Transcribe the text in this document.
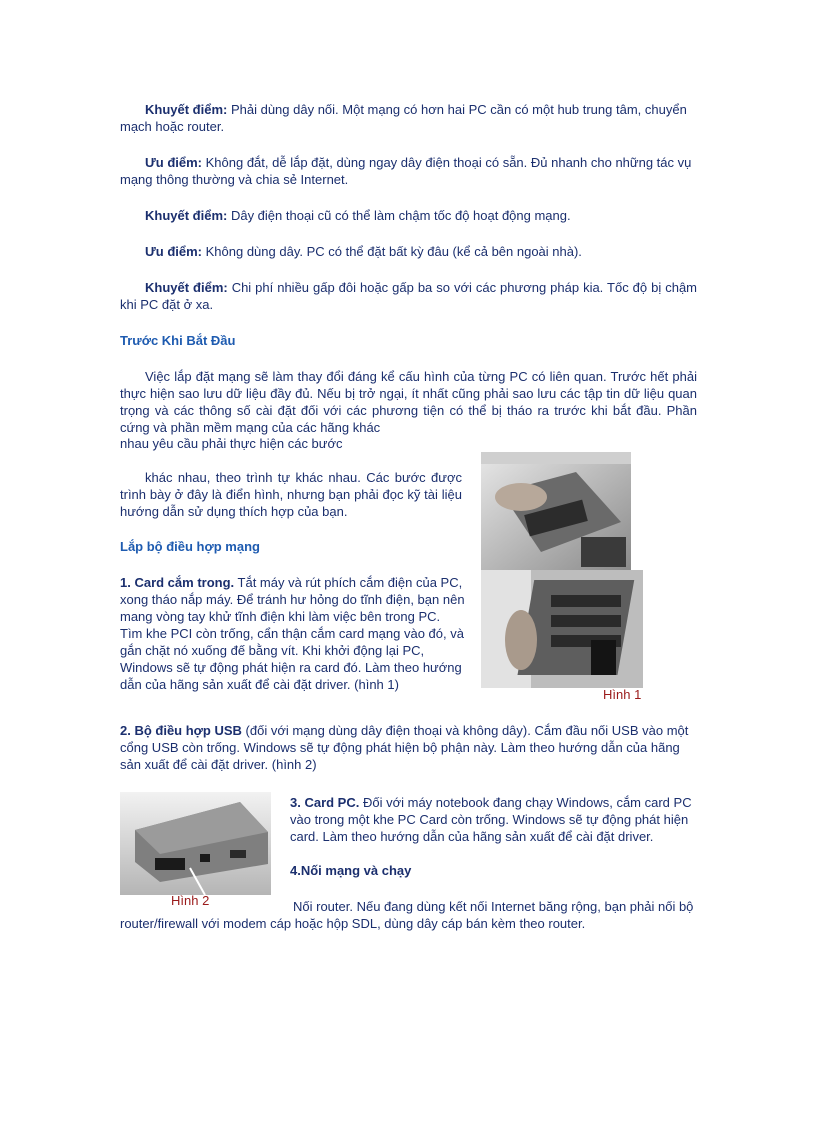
Khuyết điểm: Phải dùng dây nối. Một mạng có hơn hai PC cần có một hub trung tâm, chuyển mạch hoặc router.

Ưu điểm: Không đắt, dễ lắp đặt, dùng ngay dây điện thoại có sẵn. Đủ nhanh cho những tác vụ mạng thông thường và chia sẻ Internet.

Khuyết điểm: Dây điện thoại cũ có thể làm chậm tốc độ hoạt động mạng.

Ưu điểm: Không dùng dây. PC có thể đặt bất kỳ đâu (kể cả bên ngoài nhà).

Khuyết điểm: Chi phí nhiều gấp đôi hoặc gấp ba so với các phương pháp kia. Tốc độ bị chậm khi PC đặt ở xa.

Trước Khi Bắt Đầu

Việc lắp đặt mạng sẽ làm thay đổi đáng kể cấu hình của từng PC có liên quan. Trước hết phải thực hiện sao lưu dữ liệu đầy đủ. Nếu bị trở ngại, ít nhất cũng phải sao lưu các tập tin dữ liệu quan trọng và các thông số cài đặt đối với các phương tiện có thể bị tháo ra trước khi bắt đầu. Phần cứng và phần mềm mạng của các hãng khác

nhau yêu cầu phải thực hiện các bước

khác nhau, theo trình tự khác nhau. Các bước được trình bày ở đây là điển hình, nhưng bạn phải đọc kỹ tài liệu hướng dẫn sử dụng thích hợp của bạn.

Lắp bộ điều hợp mạng

1. Card cắm trong. Tắt máy và rút phích cắm điện của PC, xong tháo nắp máy. Để tránh hư hỏng do tĩnh điện, bạn nên mang vòng tay khử tĩnh điện khi làm việc bên trong PC. Tìm khe PCI còn trống, cẩn thận cắm card mạng vào đó, và gắn chặt nó xuống đế bằng vít. Khi khởi động lại PC, Windows sẽ tự động phát hiện ra card đó. Làm theo hướng dẫn của hãng sản xuất để cài đặt driver. (hình 1)

Hình 1

2. Bộ điều hợp USB (đối với mạng dùng dây điện thoại và không dây). Cắm đầu nối USB vào một cổng USB còn trống. Windows sẽ tự động phát hiện bộ phận này. Làm theo hướng dẫn của hãng sản xuất để cài đặt driver. (hình 2)

Hình 2

3. Card PC. Đối với máy notebook đang chạy Windows, cắm card PC vào trong một khe PC Card còn trống. Windows sẽ tự động phát hiện card. Làm theo hướng dẫn của hãng sản xuất để cài đặt driver.

4.Nối mạng và chạy

Nối router. Nếu đang dùng kết nối Internet băng rộng, bạn phải nối bộ router/firewall với modem cáp hoặc hộp SDL, dùng dây cáp bán kèm theo router.
